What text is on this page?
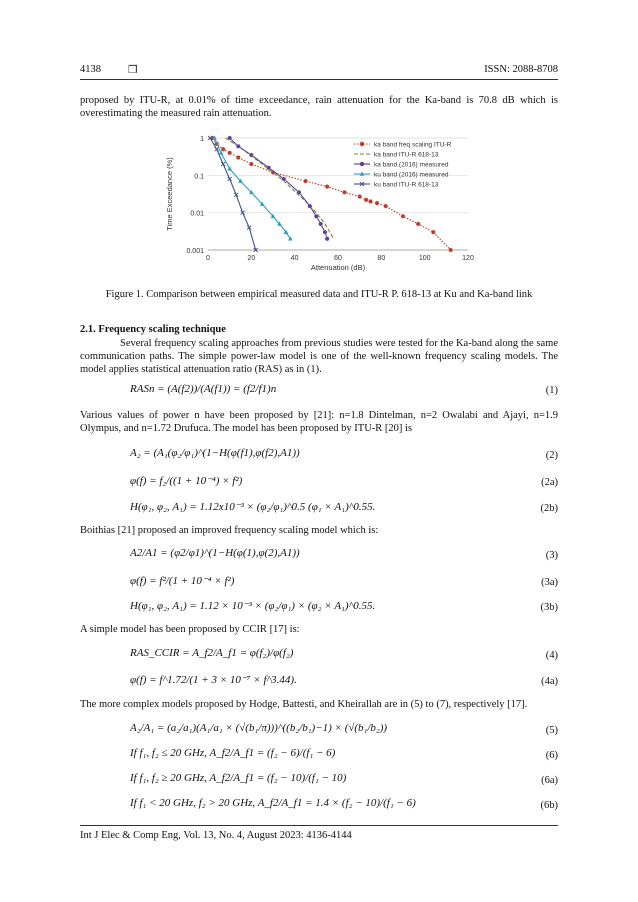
4138	❒	ISSN: 2088-8708
proposed by ITU-R, at 0.01% of time exceedance, rain attenuation for the Ka-band is 70.8 dB which is overestimating the measured rain attenuation.
1
0.1
0.01
0.001
0	20	40	60	80	100	120
Attenuation (dB)
Time Exceedance (%)
ka band freq scaling ITU-R
ka band ITU-R 618-13
ka band (2016) measured
ku band (2016) measured
ku band ITU-R 618-13
Figure 1. Comparison between empirical measured data and ITU-R P. 618-13 at Ku and Ka-band link
2.1. Frequency scaling technique
Several frequency scaling approaches from previous studies were tested for the Ka-band along the same communication paths. The simple power-law model is one of the well-known frequency scaling models. The model applies statistical attenuation ratio (RAS) as in (1).
RASn = (A(f2))/(A(f1)) = (f2/f1)n	(1)
Various values of power n have been proposed by [21]: n=1.8 Dintelman, n=2 Owalabi and Ajayi, n=1.9 Olympus, and n=1.72 Drufuca. The model has been proposed by ITU-R [20] is
A₂ = (A₁(φ₂/φ₁)^(1−H(φ(f1),φ(f2),A1))	(2)
φ(f) = f₂/((1 + 10⁻⁴) × f²)	(2a)
H(φ₁, φ₂, A₁) = 1.12x10⁻³ × (φ₂/φ₁)^0.5 (φ₁ × A₁)^0.55.	(2b)
Boithias [21] proposed an improved frequency scaling model which is:
A2/A1 = (φ2/φ1)^(1−H(φ(1),φ(2),A1))	(3)
φ(f) = f²/(1 + 10⁻⁴ × f²)	(3a)
H(φ₁, φ₂, A₁) = 1.12 × 10⁻³ × (φ₂/φ₁) × (φ₂ × A₁)^0.55.	(3b)
A simple model has been proposed by CCIR [17] is:
RAS_CCIR = A_f2/A_f1 = φ(f₂)/φ(f₂)	(4)
φ(f) = f^1.72/(1 + 3 × 10⁻⁷ × f^3.44).	(4a)
The more complex models proposed by Hodge, Battesti, and Kheirallah are in (5) to (7), respectively [17].
A₂/A₁ = (a₂/a₁)(A₁/a₁ × (√(b₁/π)))^((b₂/b₁)−1) × (√(b₁/b₂))	(5)
If f₁, f₂ ≤ 20 GHz, A_f2/A_f1 = (f₂ − 6)/(f₁ − 6)	(6)
If f₁, f₂ ≥ 20 GHz, A_f2/A_f1 = (f₂ − 10)/(f₁ − 10)	(6a)
If f₁ < 20 GHz, f₂ > 20 GHz, A_f2/A_f1 = 1.4 × (f₂ − 10)/(f₁ − 6)	(6b)
Int J Elec & Comp Eng, Vol. 13, No. 4, August 2023: 4136-4144
